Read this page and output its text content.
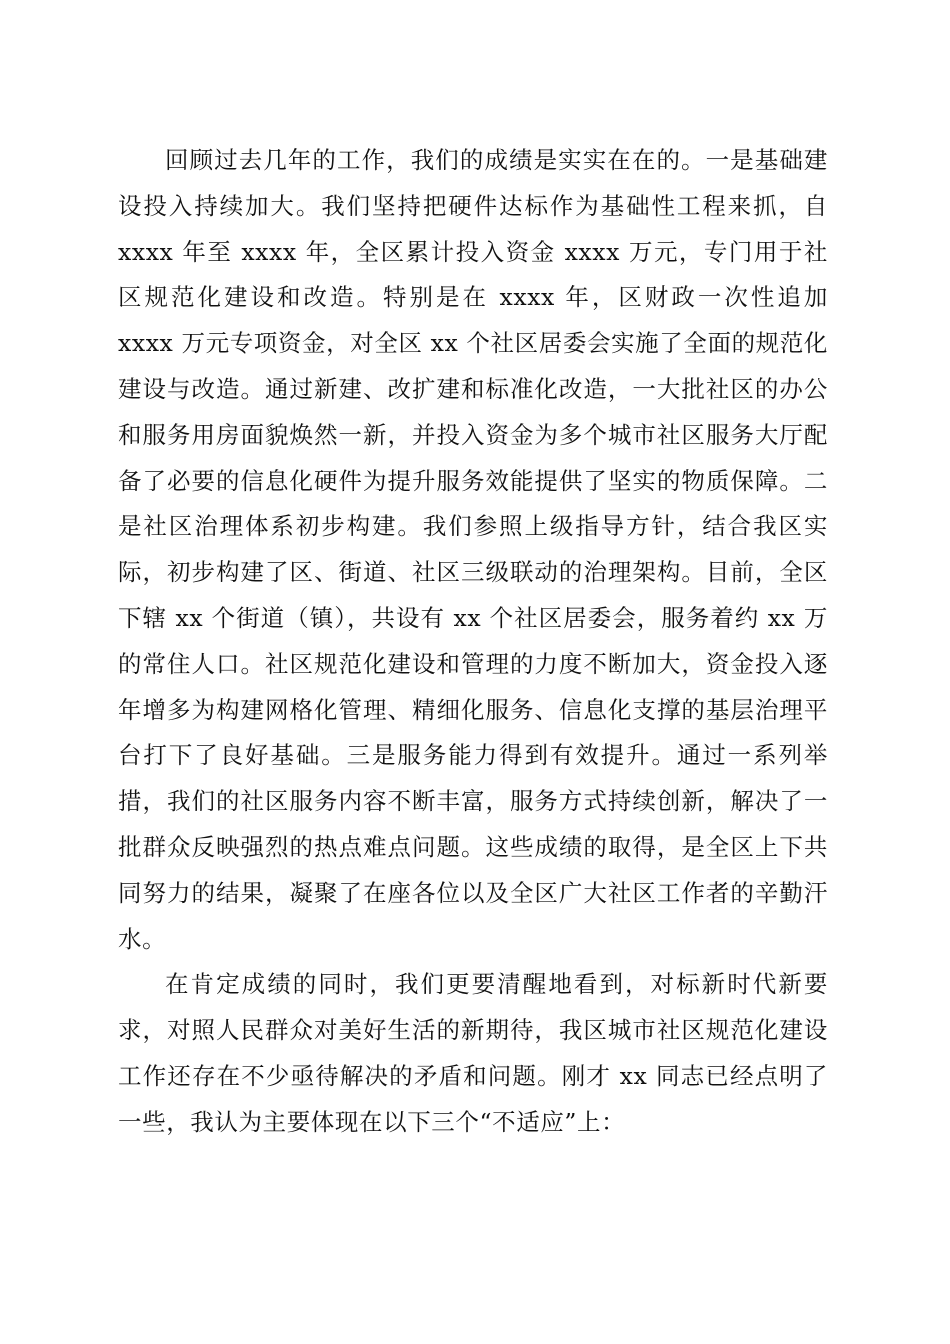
回顾过去几年的工作，我们的成绩是实实在在的。一是基础建设投入持续加大。我们坚持把硬件达标作为基础性工程来抓，自 xxxx 年至 xxxx 年，全区累计投入资金 xxxx 万元，专门用于社区规范化建设和改造。特别是在 xxxx 年，区财政一次性追加 xxxx 万元专项资金，对全区 xx 个社区居委会实施了全面的规范化建设与改造。通过新建、改扩建和标准化改造，一大批社区的办公和服务用房面貌焕然一新，并投入资金为多个城市社区服务大厅配备了必要的信息化硬件为提升服务效能提供了坚实的物质保障。二是社区治理体系初步构建。我们参照上级指导方针，结合我区实际，初步构建了区、街道、社区三级联动的治理架构。目前，全区下辖 xx 个街道（镇），共设有 xx 个社区居委会，服务着约 xx 万的常住人口。社区规范化建设和管理的力度不断加大，资金投入逐年增多为构建网格化管理、精细化服务、信息化支撑的基层治理平台打下了良好基础。三是服务能力得到有效提升。通过一系列举措，我们的社区服务内容不断丰富，服务方式持续创新，解决了一批群众反映强烈的热点难点问题。这些成绩的取得，是全区上下共同努力的结果，凝聚了在座各位以及全区广大社区工作者的辛勤汗水。

在肯定成绩的同时，我们更要清醒地看到，对标新时代新要求，对照人民群众对美好生活的新期待，我区城市社区规范化建设工作还存在不少亟待解决的矛盾和问题。刚才 xx 同志已经点明了一些，我认为主要体现在以下三个“不适应”上：
